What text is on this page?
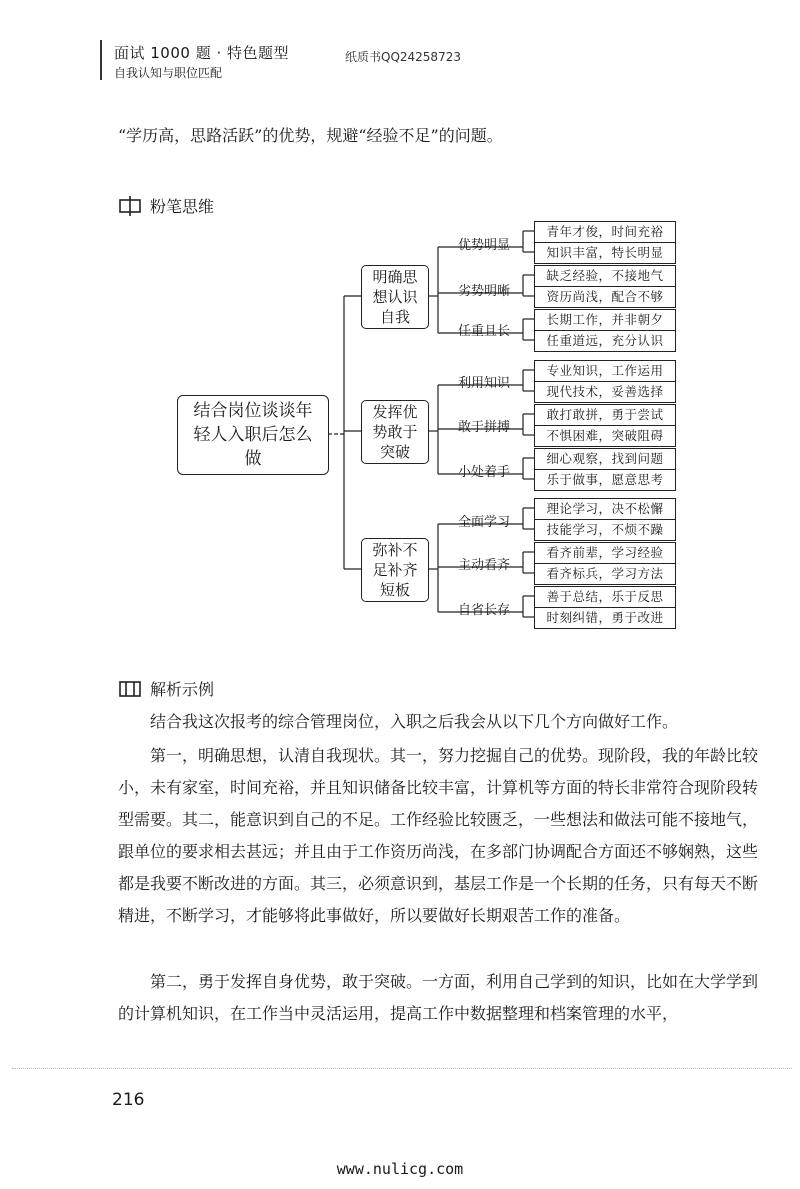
面试 1000 题 · 特色题型
自我认知与职位匹配
纸质书QQ24258723
“学历高，思路活跃”的优势，规避“经验不足”的问题。
粉笔思维
结合岗位谈谈年轻人入职后怎么做
明确思想认识自我
发挥优势敢于突破
弥补不足补齐短板
优势明显
劣势明晰
任重且长
利用知识
敢于拼搏
小处着手
全面学习
主动看齐
自省长存
青年才俊，时间充裕
知识丰富，特长明显
缺乏经验，不接地气
资历尚浅，配合不够
长期工作，并非朝夕
任重道远，充分认识
专业知识，工作运用
现代技术，妥善选择
敢打敢拼，勇于尝试
不惧困难，突破阻碍
细心观察，找到问题
乐于做事，愿意思考
理论学习，决不松懈
技能学习，不烦不躁
看齐前辈，学习经验
看齐标兵，学习方法
善于总结，乐于反思
时刻纠错，勇于改进
解析示例
结合我这次报考的综合管理岗位，入职之后我会从以下几个方向做好工作。
第一，明确思想，认清自我现状。其一，努力挖掘自己的优势。现阶段，我的年龄比较小，未有家室，时间充裕，并且知识储备比较丰富，计算机等方面的特长非常符合现阶段转型需要。其二，能意识到自己的不足。工作经验比较匮乏，一些想法和做法可能不接地气，跟单位的要求相去甚远；并且由于工作资历尚浅，在多部门协调配合方面还不够娴熟，这些都是我要不断改进的方面。其三，必须意识到，基层工作是一个长期的任务，只有每天不断精进，不断学习，才能够将此事做好，所以要做好长期艰苦工作的准备。
第二，勇于发挥自身优势，敢于突破。一方面，利用自己学到的知识，比如在大学学到的计算机知识，在工作当中灵活运用，提高工作中数据整理和档案管理的水平，
216
www.nulicg.com
